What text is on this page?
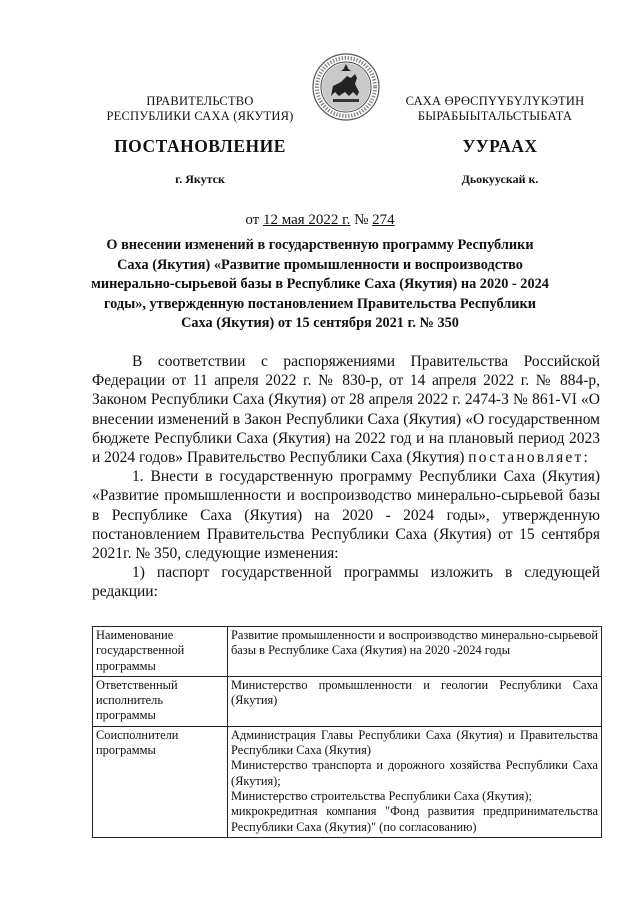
ПРАВИТЕЛЬСТВО
РЕСПУБЛИКИ САХА (ЯКУТИЯ)
САХА ӨРӨСПҮҮБҮЛҮКЭТИН
БЫРАБЫЫТАЛЬСТЫБАТА
ПОСТАНОВЛЕНИЕ	УУРААХ
г. Якутск	Дьокуускай к.
от 12 мая 2022 г. № 274
О внесении изменений в государственную программу Республики Саха (Якутия) «Развитие промышленности и воспроизводство минерально-сырьевой базы в Республике Саха (Якутия) на 2020 - 2024 годы», утвержденную постановлением Правительства Республики Саха (Якутия) от 15 сентября 2021 г. № 350

В соответствии с распоряжениями Правительства Российской Федерации от 11 апреля 2022 г. № 830-р, от 14 апреля 2022 г. № 884-р, Законом Республики Саха (Якутия) от 28 апреля 2022 г. 2474-З № 861-VI «О внесении изменений в Закон Республики Саха (Якутия) «О государственном бюджете Республики Саха (Якутия) на 2022 год и на плановый период 2023 и 2024 годов» Правительство Республики Саха (Якутия) постановляет:

1. Внести в государственную программу Республики Саха (Якутия) «Развитие промышленности и воспроизводство минерально-сырьевой базы в Республике Саха (Якутия) на 2020 - 2024 годы», утвержденную постановлением Правительства Республики Саха (Якутия) от 15 сентября 2021г. № 350, следующие изменения:

1) паспорт государственной программы изложить в следующей редакции:

Наименование государственной программы	Развитие промышленности и воспроизводство минерально-сырьевой базы в Республике Саха (Якутия) на 2020 -2024 годы
Ответственный исполнитель программы	Министерство промышленности и геологии Республики Саха (Якутия)
Соисполнители программы	Администрация Главы Республики Саха (Якутия) и Правительства Республики Саха (Якутия)
Министерство транспорта и дорожного хозяйства Республики Саха (Якутия);
Министерство строительства Республики Саха (Якутия);
микрокредитная компания "Фонд развития предпринимательства Республики Саха (Якутия)" (по согласованию)
